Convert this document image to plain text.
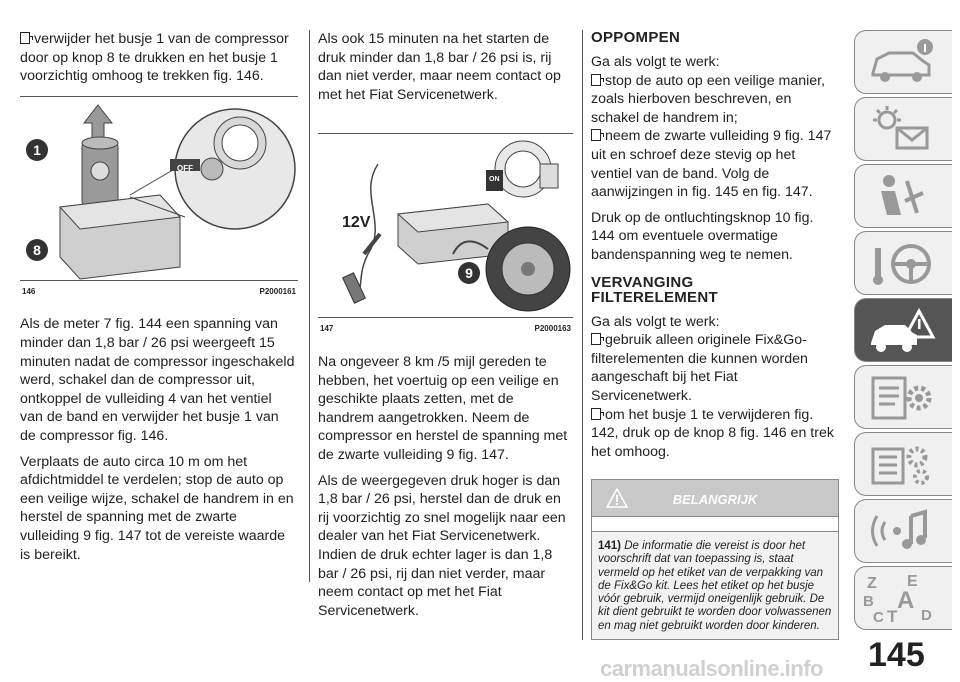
verwijder het busje 1 van de compressor door op knop 8 te drukken en het busje 1 voorzichtig omhoog te trekken fig. 146.

1
8
OFF
146	P2000161

Als de meter 7 fig. 144 een spanning van minder dan 1,8 bar / 26 psi weergeeft 15 minuten nadat de compressor ingeschakeld werd, schakel dan de compressor uit, ontkoppel de vulleiding 4 van het ventiel van de band en verwijder het busje 1 van de compressor fig. 146.

Verplaats de auto circa 10 m om het afdichtmiddel te verdelen; stop de auto op een veilige wijze, schakel de handrem in en herstel de spanning met de zwarte vulleiding 9 fig. 147 tot de vereiste waarde is bereikt.

Als ook 15 minuten na het starten de druk minder dan 1,8 bar / 26 psi is, rij dan niet verder, maar neem contact op met het Fiat Servicenetwerk.

12V
9
ON
147	P2000163

Na ongeveer 8 km /5 mijl gereden te hebben, het voertuig op een veilige en geschikte plaats zetten, met de handrem aangetrokken. Neem de compressor en herstel de spanning met de zwarte vulleiding 9 fig. 147.

Als de weergegeven druk hoger is dan 1,8 bar / 26 psi, herstel dan de druk en rij voorzichtig zo snel mogelijk naar een dealer van het Fiat Servicenetwerk. Indien de druk echter lager is dan 1,8 bar / 26 psi, rij dan niet verder, maar neem contact op met het Fiat Servicenetwerk.

OPPOMPEN

Ga als volgt te werk:

stop de auto op een veilige manier, zoals hierboven beschreven, en schakel de handrem in;

neem de zwarte vulleiding 9 fig. 147 uit en schroef deze stevig op het ventiel van de band. Volg de aanwijzingen in fig. 145 en fig. 147.

Druk op de ontluchtingsknop 10 fig. 144 om eventuele overmatige bandenspanning weg te nemen.

VERVANGING
FILTERELEMENT

Ga als volgt te werk:

gebruik alleen originele Fix&Go-filterelementen die kunnen worden aangeschaft bij het Fiat Servicenetwerk.

om het busje 1 te verwijderen fig. 142, druk op de knop 8 fig. 146 en trek het omhoog.

BELANGRIJK
141) De informatie die vereist is door het voorschrift dat van toepassing is, staat vermeld op het etiket van de verpakking van de Fix&Go kit. Lees het etiket op het busje vóór gebruik, vermijd oneigenlijk gebruik. De kit dient gebruikt te worden door volwassenen en mag niet gebruikt worden door kinderen.
Z E
B A
C T D
145
carmanualsonline.info
